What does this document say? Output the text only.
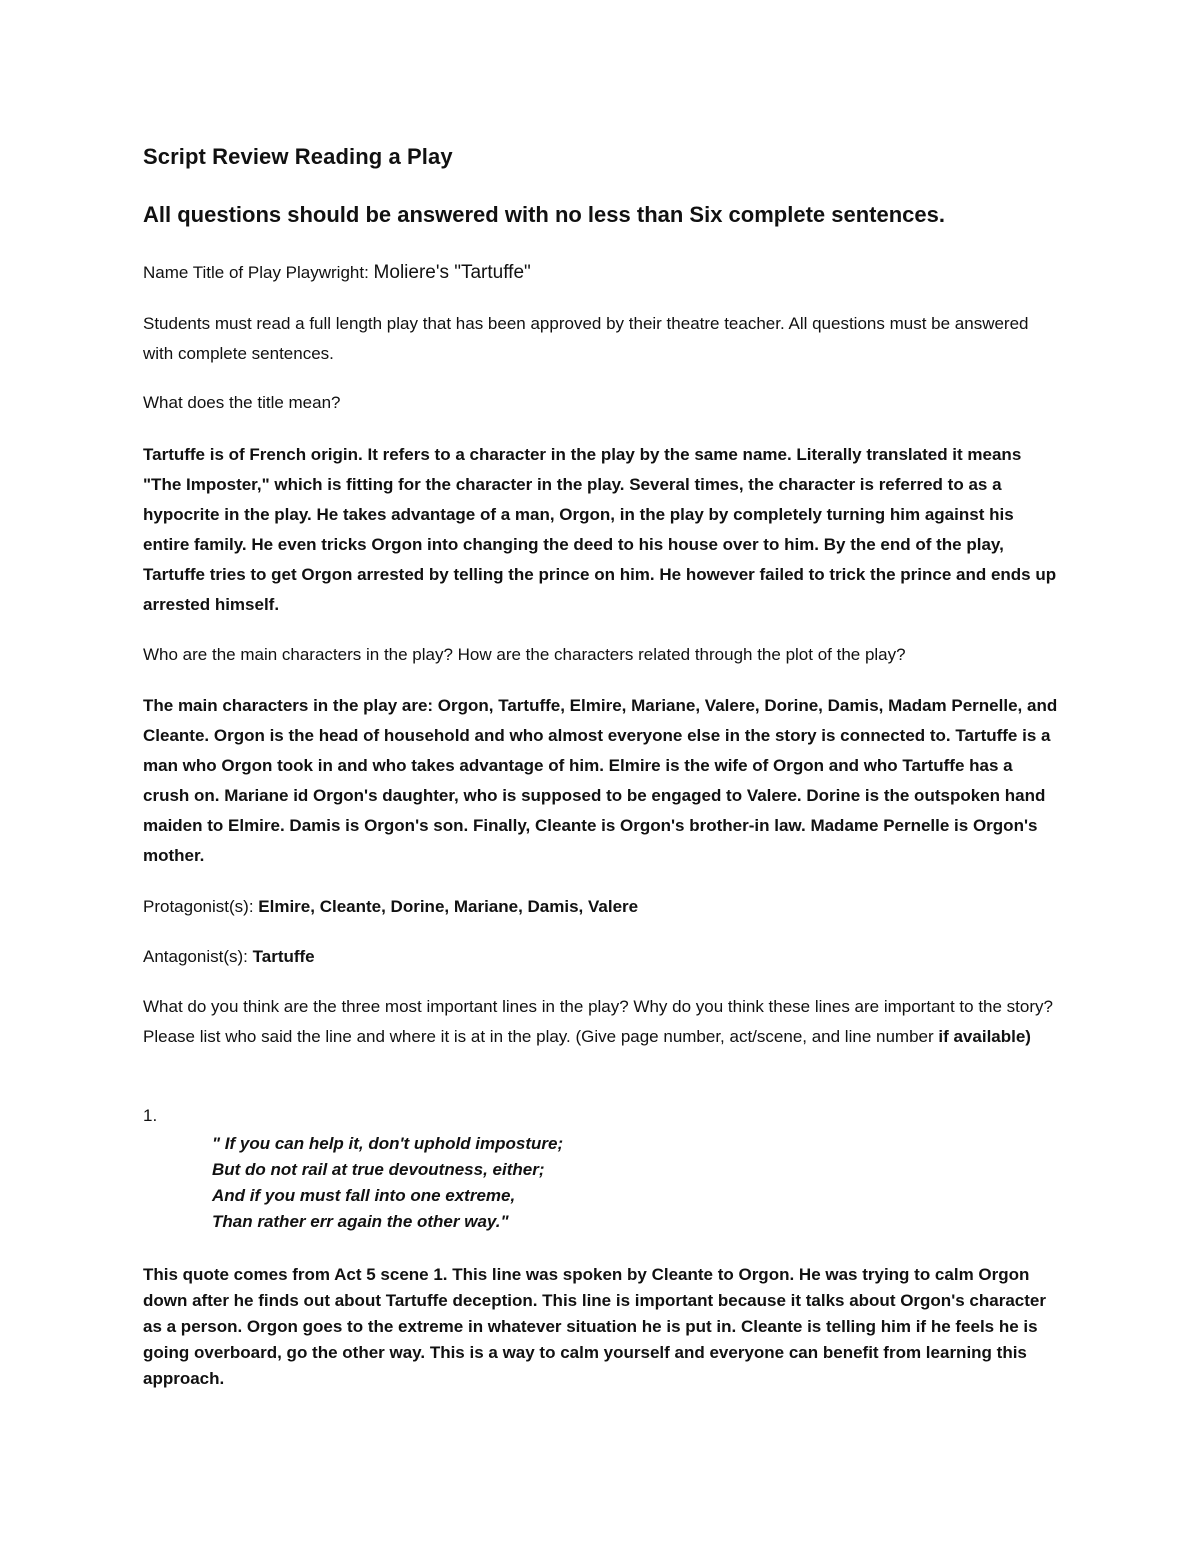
Script Review Reading a Play
All questions should be answered with no less than Six complete sentences.
Name Title of Play Playwright: Moliere's "Tartuffe"

Students must read a full length play that has been approved by their theatre teacher. All questions must be answered with complete sentences.

What does the title mean?

Tartuffe is of French origin. It refers to a character in the play by the same name. Literally translated it means "The Imposter," which is fitting for the character in the play. Several times, the character is referred to as a hypocrite in the play. He takes advantage of a man, Orgon, in the play by completely turning him against his entire family. He even tricks Orgon into changing the deed to his house over to him. By the end of the play, Tartuffe tries to get Orgon arrested by telling the prince on him. He however failed to trick the prince and ends up arrested himself.

Who are the main characters in the play? How are the characters related through the plot of the play?

The main characters in the play are: Orgon, Tartuffe, Elmire, Mariane, Valere, Dorine, Damis, Madam Pernelle, and Cleante. Orgon is the head of household and who almost everyone else in the story is connected to. Tartuffe is a man who Orgon took in and who takes advantage of him. Elmire is the wife of Orgon and who Tartuffe has a crush on. Mariane id Orgon's daughter, who is supposed to be engaged to Valere. Dorine is the outspoken hand maiden to Elmire. Damis is Orgon's son. Finally, Cleante is Orgon's brother-in law. Madame Pernelle is Orgon's mother.

Protagonist(s): Elmire, Cleante, Dorine, Mariane, Damis, Valere

Antagonist(s): Tartuffe

What do you think are the three most important lines in the play? Why do you think these lines are important to the story? Please list who said the line and where it is at in the play. (Give page number, act/scene, and line number if available)

1.
" If you can help it, don't uphold imposture;
But do not rail at true devoutness, either;
And if you must fall into one extreme,
Than rather err again the other way."

This quote comes from Act 5 scene 1. This line was spoken by Cleante to Orgon. He was trying to calm Orgon down after he finds out about Tartuffe deception. This line is important because it talks about Orgon's character as a person. Orgon goes to the extreme in whatever situation he is put in. Cleante is telling him if he feels he is going overboard, go the other way. This is a way to calm yourself and everyone can benefit from learning this approach.
